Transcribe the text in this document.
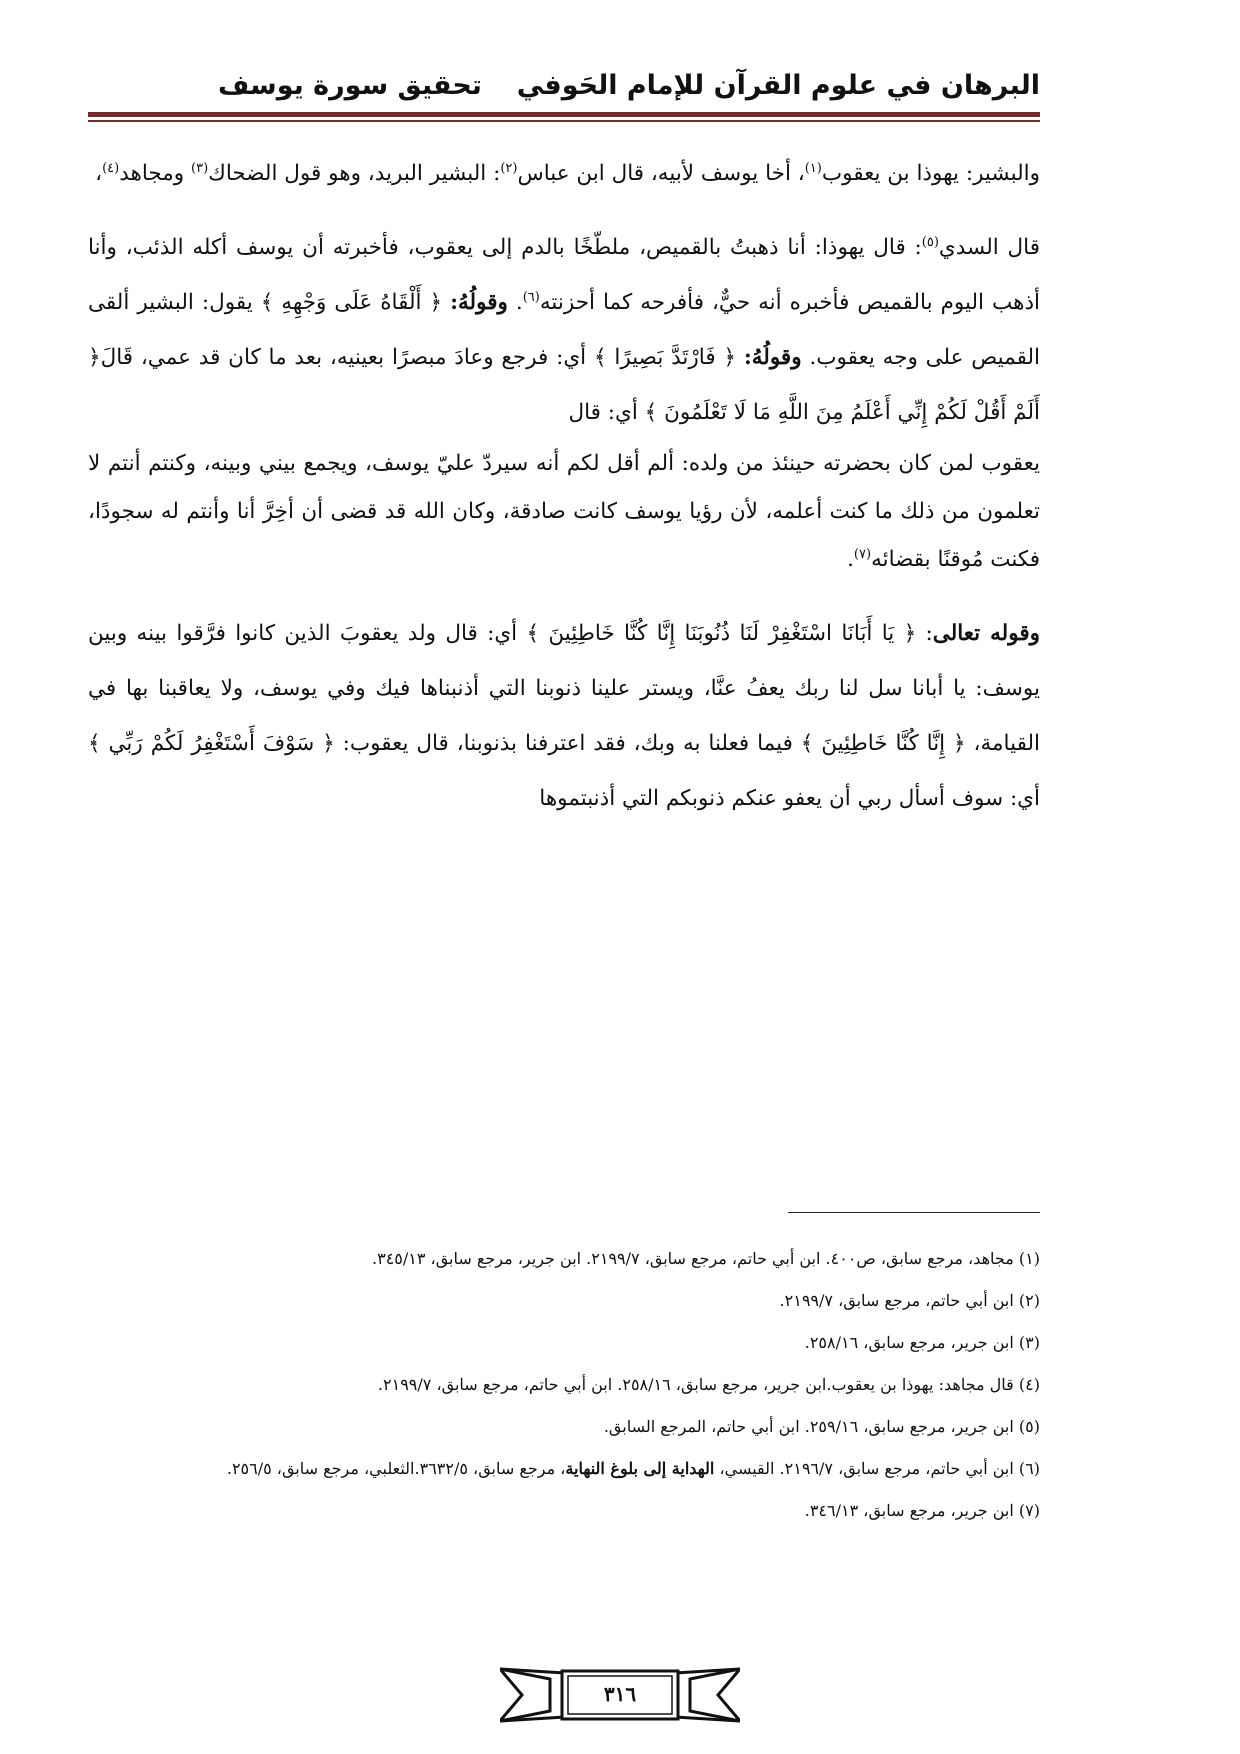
البرهان في علوم القرآن للإمام الحَوفي
تحقيق سورة يوسف

والبشير: يهوذا بن يعقوب$^{(١)}$، أخا يوسف لأبيه، قال ابن عباس$^{(٢)}$: البشير البريد، وهو قول الضحاك$^{(٣)}$ ومجاهد$^{(٤)}$،

قال السدي$^{(٥)}$: قال يهوذا: أنا ذهبتُ بالقميص، ملطّخًا بالدم إلى يعقوب، فأخبرته أن يوسف أكله الذئب، وأنا أذهب اليوم بالقميص فأخبره أنه حيٌّ، فأفرحه كما أحزنته$^{(٦)}$. وقولُهُ: ﴿ أَلْقَاهُ عَلَى وَجْهِهِ ﴾ يقول: البشير ألقى القميص على وجه يعقوب. وقولُهُ: ﴿ فَارْتَدَّ بَصِيرًا ﴾ أي: فرجع وعادَ مبصرًا بعينيه، بعد ما كان قد عمي، قَالَ﴿ أَلَمْ أَقُلْ لَكُمْ إِنِّي أَعْلَمُ مِنَ اللَّهِ مَا لَا تَعْلَمُونَ ﴾ أي: قال

يعقوب لمن كان بحضرته حينئذ من ولده: ألم أقل لكم أنه سيردّ عليّ يوسف، ويجمع بيني وبينه، وكنتم أنتم لا تعلمون من ذلك ما كنت أعلمه، لأن رؤيا يوسف كانت صادقة، وكان الله قد قضى أن أخِرَّ أنا وأنتم له سجودًا، فكنت مُوقنًا بقضائه$^{(٧)}$.

وقوله تعالى: ﴿ يَا أَبَانَا اسْتَغْفِرْ لَنَا ذُنُوبَنَا إِنَّا كُنَّا خَاطِئِينَ ﴾ أي: قال ولد يعقوبَ الذين كانوا فرَّقوا بينه وبين يوسف: يا أبانا سل لنا ربك يعفُ عنَّا، ويستر علينا ذنوبنا التي أذنبناها فيك وفي يوسف، ولا يعاقبنا بها في القيامة، ﴿ إِنَّا كُنَّا خَاطِئِينَ ﴾ فيما فعلنا به وبك، فقد اعترفنا بذنوبنا، قال يعقوب: ﴿ سَوْفَ أَسْتَغْفِرُ لَكُمْ رَبِّي ﴾ أي: سوف أسأل ربي أن يعفو عنكم ذنوبكم التي أذنبتموها

(١) مجاهد، مرجع سابق، ص٤٠٠. ابن أبي حاتم، مرجع سابق، ٢١٩٩/٧. ابن جرير، مرجع سابق، ٣٤٥/١٣.
(٢) ابن أبي حاتم، مرجع سابق، ٢١٩٩/٧.
(٣) ابن جرير، مرجع سابق، ٢٥٨/١٦.
(٤) قال مجاهد: يهوذا بن يعقوب.ابن جرير، مرجع سابق، ٢٥٨/١٦. ابن أبي حاتم، مرجع سابق، ٢١٩٩/٧.
(٥) ابن جرير، مرجع سابق، ٢٥٩/١٦. ابن أبي حاتم، المرجع السابق.
(٦) ابن أبي حاتم، مرجع سابق، ٢١٩٦/٧. القيسي، الهداية إلى بلوغ النهاية، مرجع سابق، ٣٦٣٢/٥.الثعلبي، مرجع سابق، ٢٥٦/٥.
(٧) ابن جرير، مرجع سابق، ٣٤٦/١٣.
٣١٦
